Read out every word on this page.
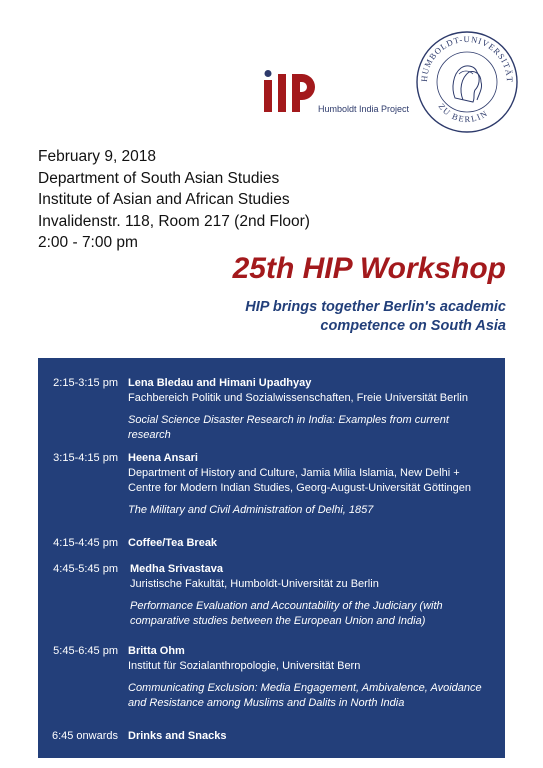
Humboldt India Project
HUMBOLDT-UNIVERSITÄT
ZU BERLIN
February 9, 2018
Department of South Asian Studies
Institute of Asian and African Studies
Invalidenstr. 118, Room 217 (2nd Floor)
2:00 - 7:00 pm
25th HIP Workshop
HIP brings together Berlin's academic
competence on South Asia
2:15-3:15 pm Lena Bledau and Himani Upadhyay
Fachbereich Politik und Sozialwissenschaften, Freie Universität Berlin
Social Science Disaster Research in India: Examples from current
research
3:15-4:15 pm Heena Ansari
Department of History and Culture, Jamia Milia Islamia, New Delhi +
Centre for Modern Indian Studies, Georg-August-Universität Göttingen
The Military and Civil Administration of Delhi, 1857
4:15-4:45 pm Coffee/Tea Break
4:45-5:45 pm Medha Srivastava
Juristische Fakultät, Humboldt-Universität zu Berlin
Performance Evaluation and Accountability of the Judiciary (with
comparative studies between the European Union and India)
5:45-6:45 pm Britta Ohm
Institut für Sozialanthropologie, Universität Bern
Communicating Exclusion: Media Engagement, Ambivalence, Avoidance
and Resistance among Muslims and Dalits in North India
6:45 onwards Drinks and Snacks
